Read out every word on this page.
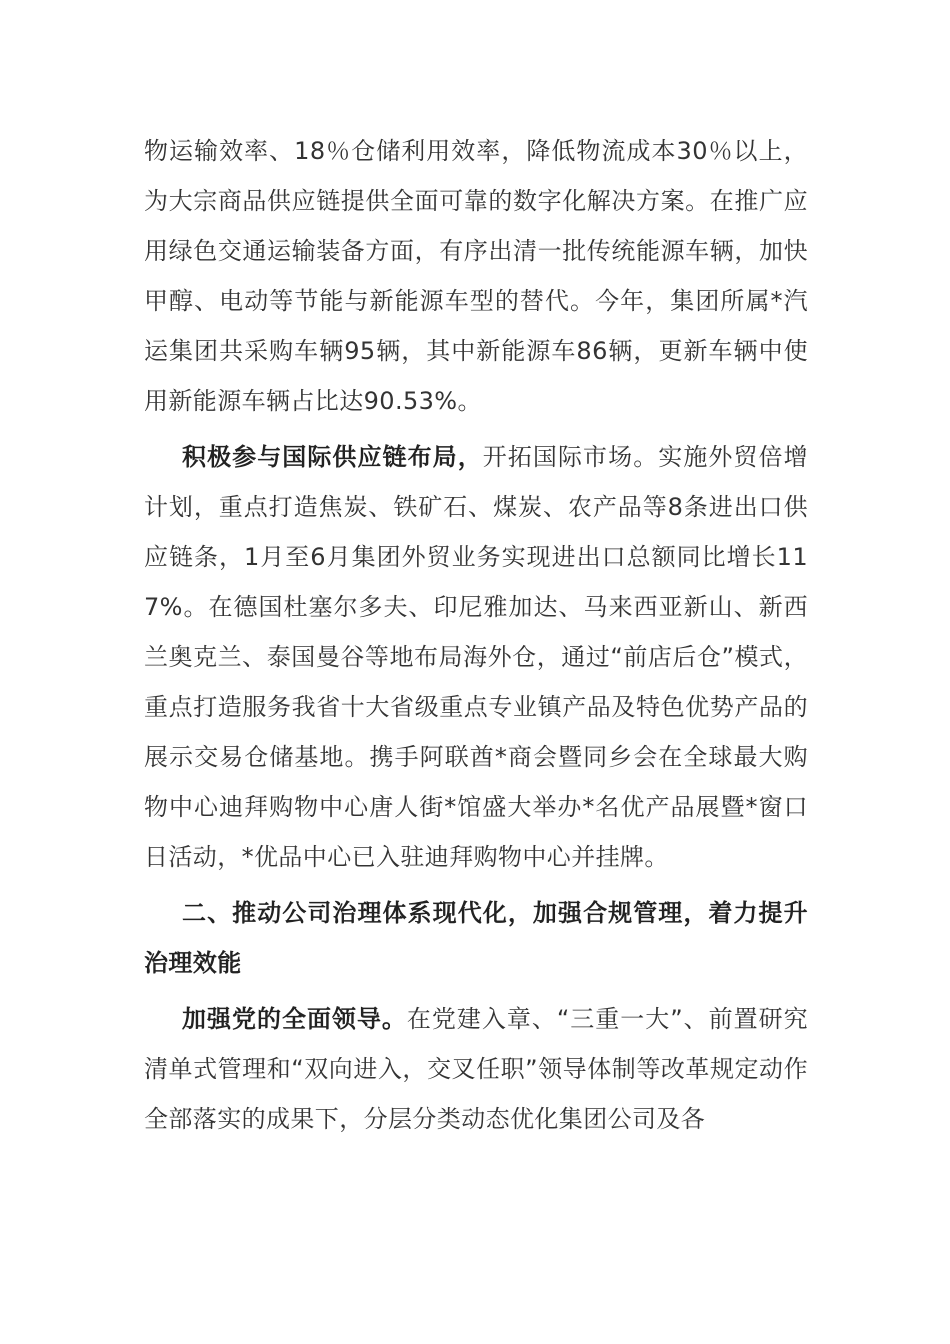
物运输效率、18％仓储利用效率，降低物流成本30％以上，为大宗商品供应链提供全面可靠的数字化解决方案。在推广应用绿色交通运输装备方面，有序出清一批传统能源车辆，加快甲醇、电动等节能与新能源车型的替代。今年，集团所属*汽运集团共采购车辆95辆，其中新能源车86辆，更新车辆中使用新能源车辆占比达90.53%。

积极参与国际供应链布局，开拓国际市场。实施外贸倍增计划，重点打造焦炭、铁矿石、煤炭、农产品等8条进出口供应链条，1月至6月集团外贸业务实现进出口总额同比增长117%。在德国杜塞尔多夫、印尼雅加达、马来西亚新山、新西兰奥克兰、泰国曼谷等地布局海外仓，通过“前店后仓”模式，重点打造服务我省十大省级重点专业镇产品及特色优势产品的展示交易仓储基地。携手阿联酋*商会暨同乡会在全球最大购物中心迪拜购物中心唐人街*馆盛大举办*名优产品展暨*窗口日活动，*优品中心已入驻迪拜购物中心并挂牌。

二、推动公司治理体系现代化，加强合规管理，着力提升治理效能

加强党的全面领导。在党建入章、“三重一大”、前置研究清单式管理和“双向进入，交叉任职”领导体制等改革规定动作全部落实的成果下，分层分类动态优化集团公司及各
